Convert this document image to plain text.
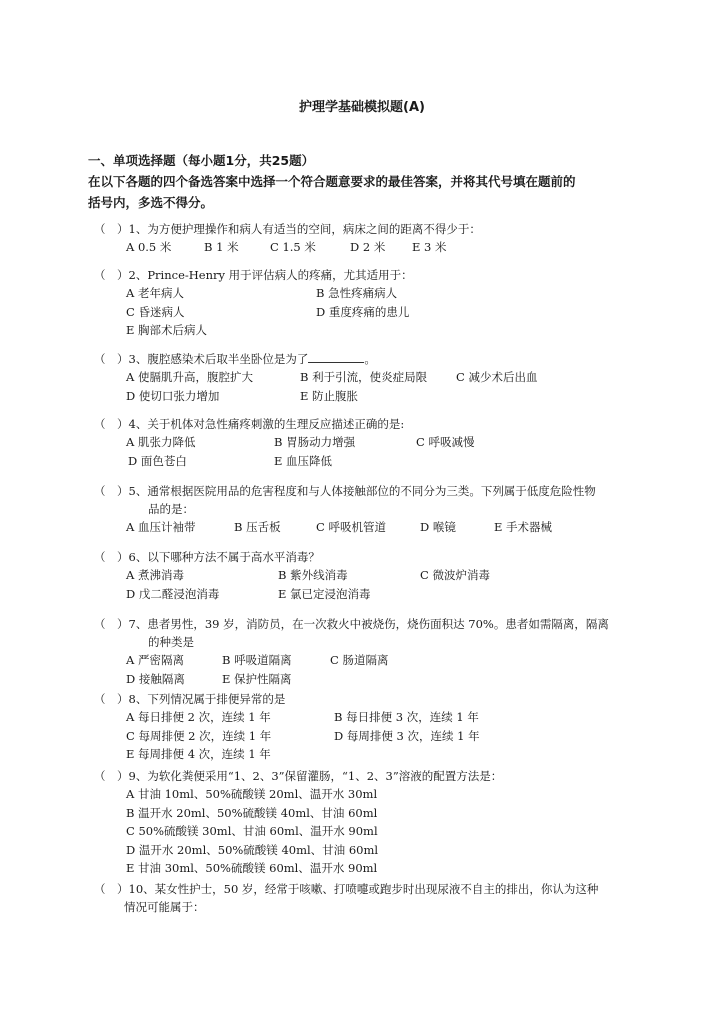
护理学基础模拟题(A)
一、单项选择题（每小题1分，共25题）
在以下各题的四个备选答案中选择一个符合题意要求的最佳答案，并将其代号填在题前的
括号内，多选不得分。
（　）1、为方便护理操作和病人有适当的空间，病床之间的距离不得少于：
A 0.5 米	B 1 米	C 1.5 米	D 2 米 E 3 米
（　）2、Prince-Henry 用于评估病人的疼痛，尤其适用于：
A 老年病人	B 急性疼痛病人
C 昏迷病人	D 重度疼痛的患儿
E 胸部术后病人
（　）3、腹腔感染术后取半坐卧位是为了	。
A 使膈肌升高，腹腔扩大	B 利于引流，使炎症局限	C 减少术后出血
D 使切口张力增加	E 防止腹胀
（　）4、关于机体对急性痛疼刺激的生理反应描述正确的是:
A 肌张力降低	B 胃肠动力增强	C 呼吸减慢
D 面色苍白	E 血压降低
（　）5、通常根据医院用品的危害程度和与人体接触部位的不同分为三类。下列属于低度危险性物
品的是：
A 血压计袖带	B 压舌板	C 呼吸机管道	D 喉镜	E 手术器械
（　）6、以下哪种方法不属于高水平消毒？
A 煮沸消毒	B 紫外线消毒	C 微波炉消毒
D 戊二醛浸泡消毒	E 氯已定浸泡消毒
（　）7、患者男性，39 岁，消防员，在一次救火中被烧伤，烧伤面积达 70%。患者如需隔离，隔离
的种类是
A 严密隔离	B 呼吸道隔离	C 肠道隔离
D 接触隔离	E 保护性隔离
（　）8、下列情况属于排便异常的是
A 每日排便 2 次，连续 1 年	B 每日排便 3 次，连续 1 年
C 每周排便 2 次，连续 1 年	D 每周排便 3 次，连续 1 年
E 每周排便 4 次，连续 1 年
（　）9、为软化粪便采用“1、2、3”保留灌肠，“1、2、3”溶液的配置方法是：
A 甘油 10ml、50%硫酸镁 20ml、温开水 30ml
B 温开水 20ml、50%硫酸镁 40ml、甘油 60ml
C 50%硫酸镁 30ml、甘油 60ml、温开水 90ml
D 温开水 20ml、50%硫酸镁 40ml、甘油 60ml
E 甘油 30ml、50%硫酸镁 60ml、温开水 90ml
（　）10、某女性护士，50 岁，经常于咳嗽、打喷嚏或跑步时出现尿液不自主的排出，你认为这种
情况可能属于：
